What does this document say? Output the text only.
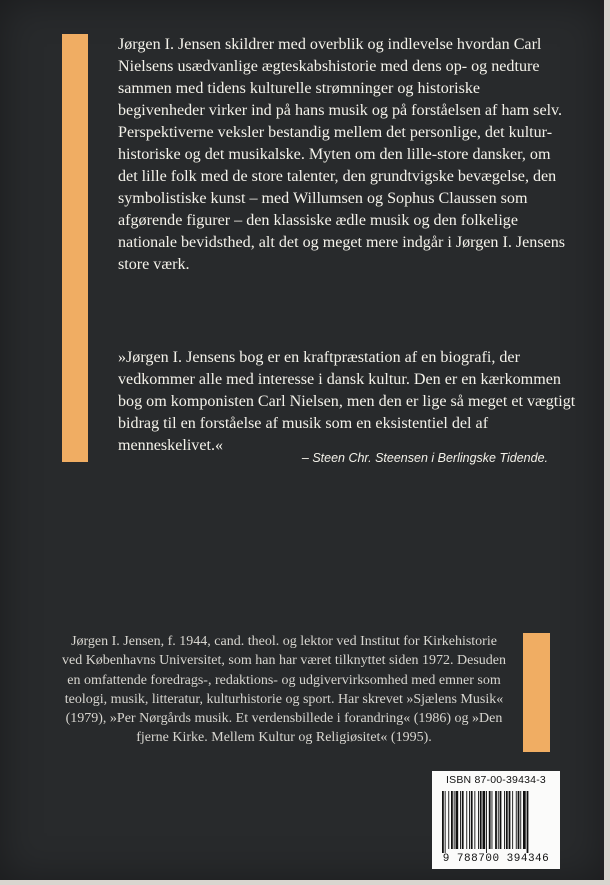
Jørgen I. Jensen skildrer med overblik og indlevelse hvordan Carl Nielsens usædvanlige ægteskabshistorie med dens op- og nedture sammen med tidens kulturelle strømninger og historiske begivenheder virker ind på hans musik og på forståelsen af ham selv. Perspektiverne veksler bestandig mellem det personlige, det kultur-historiske og det musikalske. Myten om den lille-store dansker, om det lille folk med de store talenter, den grundtvigske bevægelse, den symbolistiske kunst – med Willumsen og Sophus Claussen som afgørende figurer – den klassiske ædle musik og den folkelige nationale bevidsthed, alt det og meget mere indgår i Jørgen I. Jensens store værk.

»Jørgen I. Jensens bog er en kraftpræstation af en biografi, der vedkommer alle med interesse i dansk kultur. Den er en kærkommen bog om komponisten Carl Nielsen, men den er lige så meget et vægtigt bidrag til en forståelse af musik som en eksistentiel del af menneskelivet.«

– Steen Chr. Steensen i Berlingske Tidende.

Jørgen I. Jensen, f. 1944, cand. theol. og lektor ved Institut for Kirkehistorie ved Københavns Universitet, som han har været tilknyttet siden 1972. Desuden en omfattende foredrags-, redaktions- og udgivervirksomhed med emner som teologi, musik, litteratur, kulturhistorie og sport. Har skrevet »Sjælens Musik« (1979), »Per Nørgårds musik. Et verdensbillede i forandring« (1986) og »Den fjerne Kirke. Mellem Kultur og Religiøsitet« (1995).

ISBN 87-00-39434-3
9 788700 394346
